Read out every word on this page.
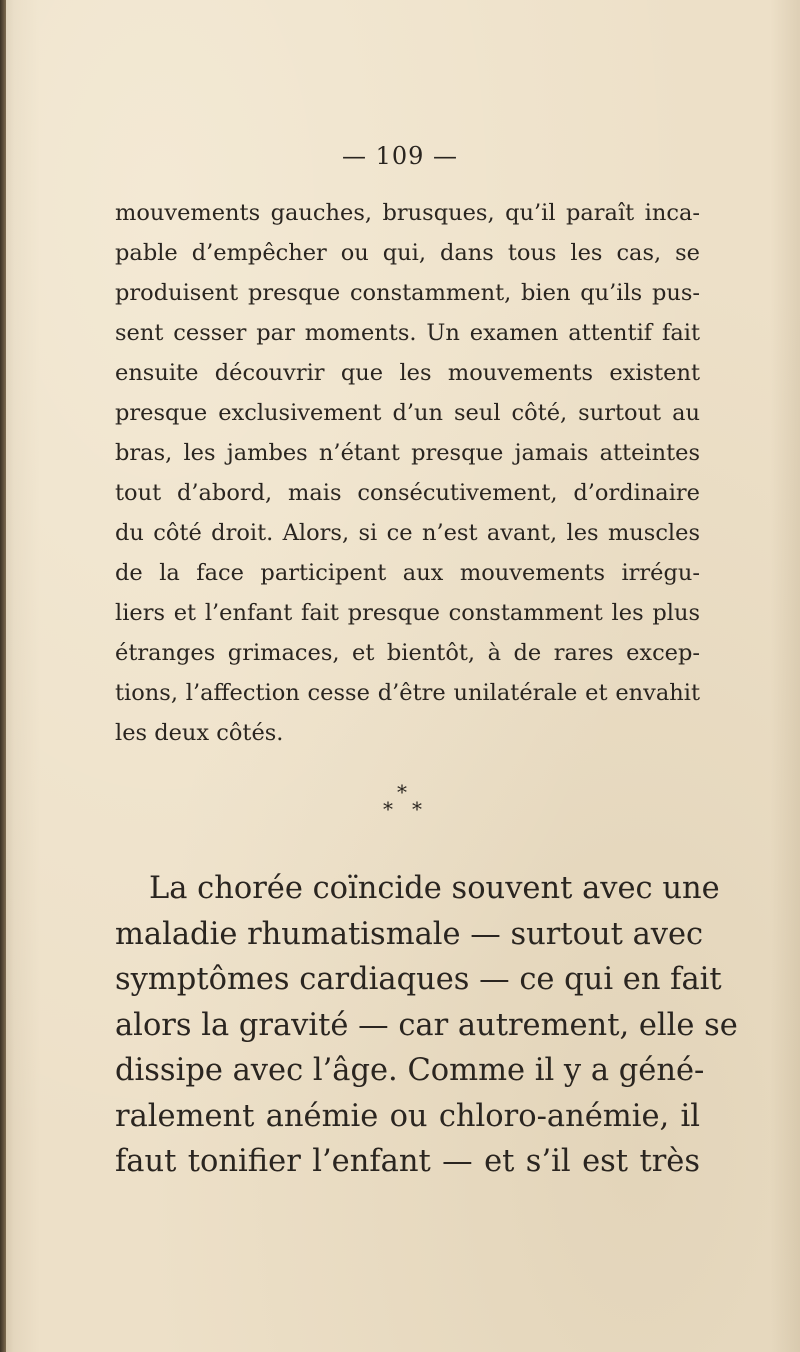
— 109 —
mouvements gauches, brusques, qu’il paraît inca-
pable d’empêcher ou qui, dans tous les cas, se
produisent presque constamment, bien qu’ils pus-
sent cesser par moments. Un examen attentif fait
ensuite découvrir que les mouvements existent
presque exclusivement d’un seul côté, surtout au
bras, les jambes n’étant presque jamais atteintes
tout d’abord, mais consécutivement, d’ordinaire
du côté droit. Alors, si ce n’est avant, les muscles
de la face participent aux mouvements irrégu-
liers et l’enfant fait presque constamment les plus
étranges grimaces, et bientôt, à de rares excep-
tions, l’affection cesse d’être unilatérale et envahit
les deux côtés.
*
* *
La chorée coïncide souvent avec une
maladie rhumatismale — surtout avec
symptômes cardiaques — ce qui en fait
alors la gravité — car autrement, elle se
dissipe avec l’âge. Comme il y a géné-
ralement anémie ou chloro-anémie, il
faut tonifier l’enfant — et s’il est très
